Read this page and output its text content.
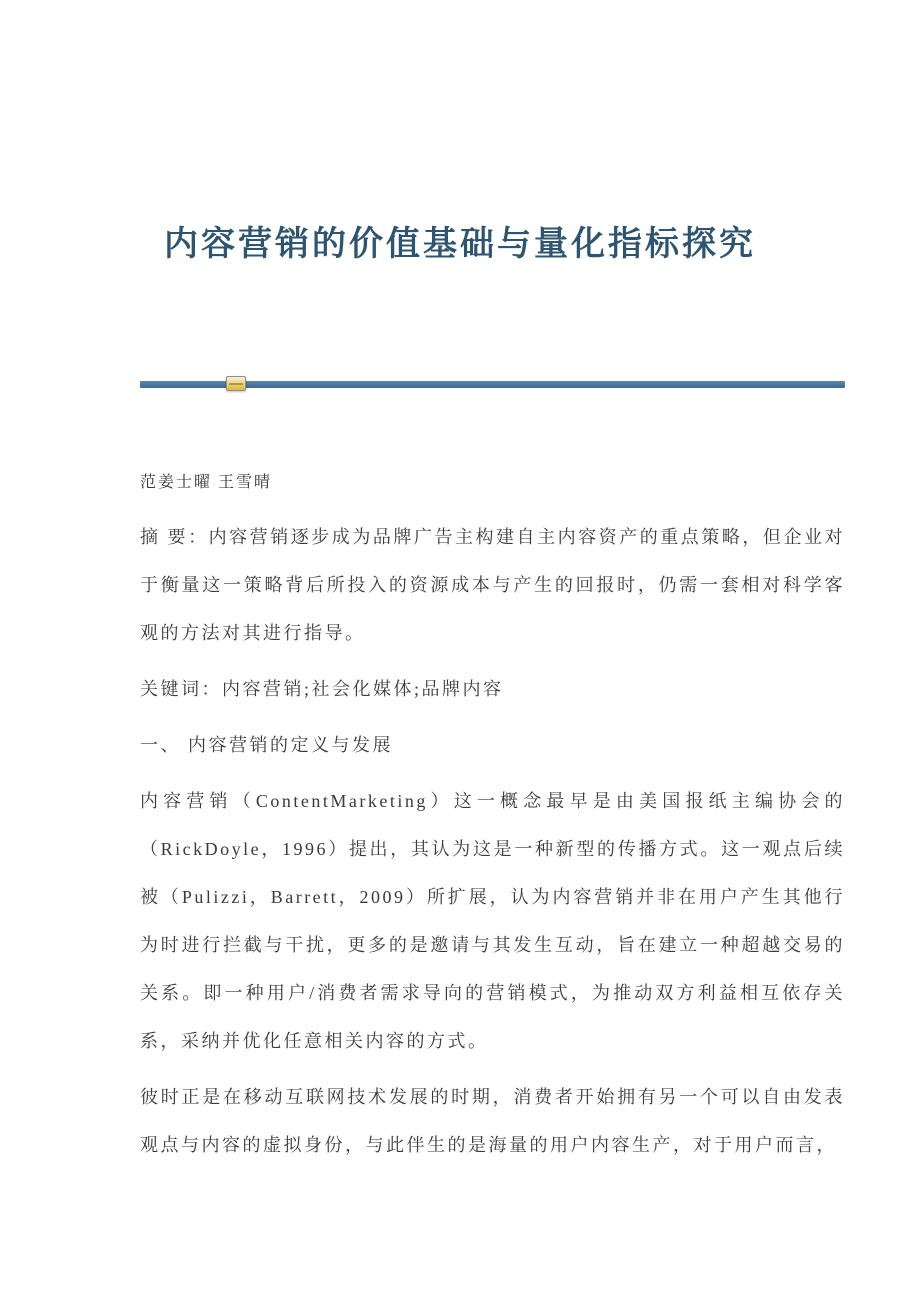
内容营销的价值基础与量化指标探究

范姜士曜 王雪晴

摘 要：内容营销逐步成为品牌广告主构建自主内容资产的重点策略，但企业对于衡量这一策略背后所投入的资源成本与产生的回报时，仍需一套相对科学客观的方法对其进行指导。

关键词：内容营销;社会化媒体;品牌内容

一、 内容营销的定义与发展

内容营销（ContentMarketing）这一概念最早是由美国报纸主编协会的（RickDoyle，1996）提出，其认为这是一种新型的传播方式。这一观点后续被（Pulizzi，Barrett，2009）所扩展，认为内容营销并非在用户产生其他行为时进行拦截与干扰，更多的是邀请与其发生互动，旨在建立一种超越交易的关系。即一种用户/消费者需求导向的营销模式，为推动双方利益相互依存关系，采纳并优化任意相关内容的方式。

彼时正是在移动互联网技术发展的时期，消费者开始拥有另一个可以自由发表观点与内容的虚拟身份，与此伴生的是海量的用户内容生产，对于用户而言，
